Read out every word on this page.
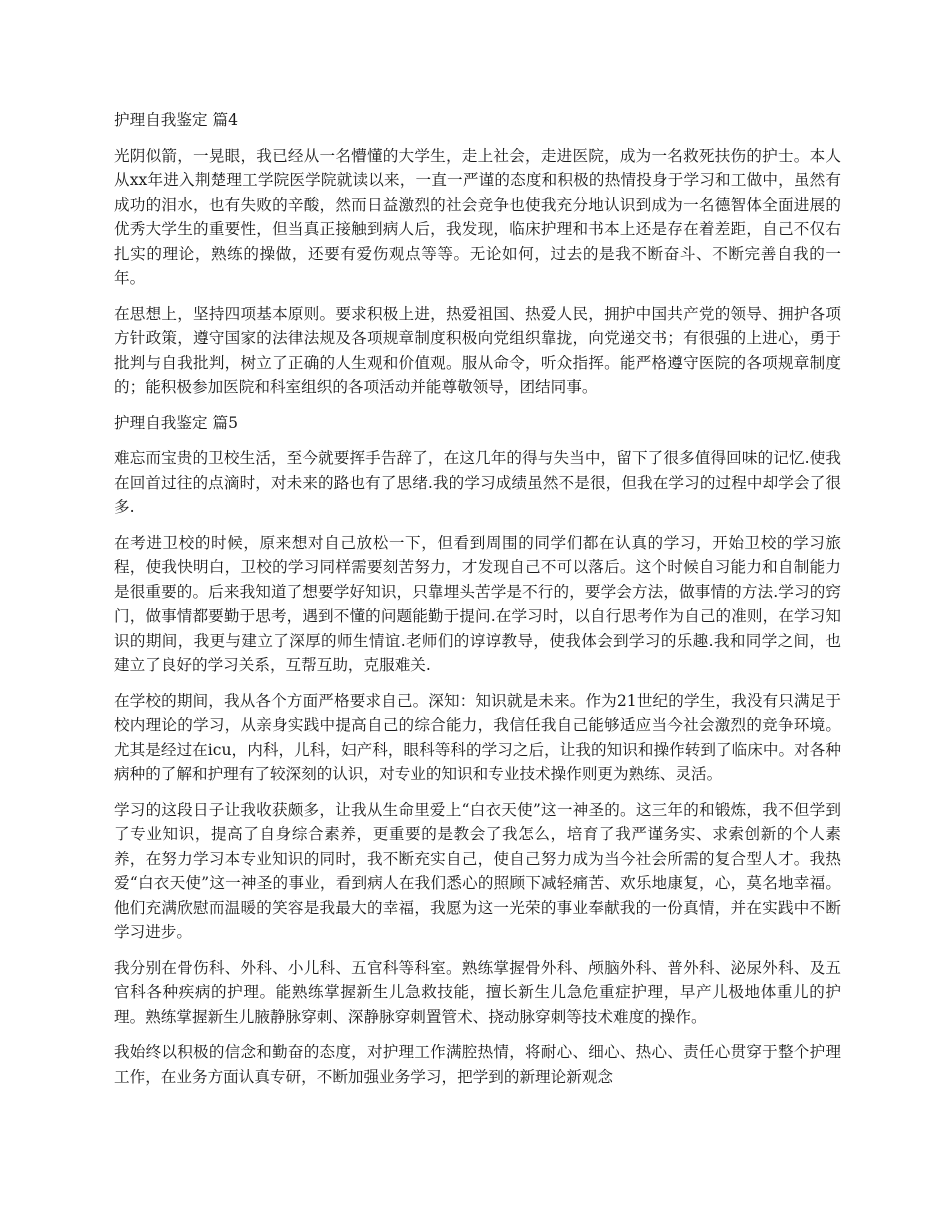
护理自我鉴定 篇4

光阴似箭，一晃眼，我已经从一名懵懂的大学生，走上社会，走进医院，成为一名救死扶伤的护士。本人从xx年进入荆楚理工学院医学院就读以来，一直一严谨的态度和积极的热情投身于学习和工做中，虽然有成功的泪水，也有失败的辛酸，然而日益激烈的社会竞争也使我充分地认识到成为一名德智体全面进展的优秀大学生的重要性，但当真正接触到病人后，我发现，临床护理和书本上还是存在着差距，自己不仅右扎实的理论，熟练的操做，还要有爱伤观点等等。无论如何，过去的是我不断奋斗、不断完善自我的一年。

在思想上，坚持四项基本原则。要求积极上进，热爱祖国、热爱人民，拥护中国共产党的领导、拥护各项方针政策，遵守国家的法律法规及各项规章制度积极向党组织靠拢，向党递交书；有很强的上进心，勇于批判与自我批判，树立了正确的人生观和价值观。服从命令，听众指挥。能严格遵守医院的各项规章制度的；能积极参加医院和科室组织的各项活动并能尊敬领导，团结同事。

护理自我鉴定 篇5

难忘而宝贵的卫校生活，至今就要挥手告辞了，在这几年的得与失当中，留下了很多值得回味的记忆.使我在回首过往的点滴时，对未来的路也有了思绪.我的学习成绩虽然不是很，但我在学习的过程中却学会了很多.

在考进卫校的时候，原来想对自己放松一下，但看到周围的同学们都在认真的学习，开始卫校的学习旅程，使我快明白，卫校的学习同样需要刻苦努力，才发现自己不可以落后。这个时候自习能力和自制能力是很重要的。后来我知道了想要学好知识，只靠埋头苦学是不行的，要学会方法，做事情的方法.学习的窍门，做事情都要勤于思考，遇到不懂的问题能勤于提问.在学习时，以自行思考作为自己的准则，在学习知识的期间，我更与建立了深厚的师生情谊.老师们的谆谆教导，使我体会到学习的乐趣.我和同学之间，也建立了良好的学习关系，互帮互助，克服难关.

在学校的期间，我从各个方面严格要求自己。深知：知识就是未来。作为21世纪的学生，我没有只满足于校内理论的学习，从亲身实践中提高自己的综合能力，我信任我自己能够适应当今社会激烈的竞争环境。尤其是经过在icu，内科，儿科，妇产科，眼科等科的学习之后，让我的知识和操作转到了临床中。对各种病种的了解和护理有了较深刻的认识，对专业的知识和专业技术操作则更为熟练、灵活。

学习的这段日子让我收获颇多，让我从生命里爱上“白衣天使”这一神圣的。这三年的和锻炼，我不但学到了专业知识，提高了自身综合素养，更重要的是教会了我怎么，培育了我严谨务实、求索创新的个人素养，在努力学习本专业知识的同时，我不断充实自己，使自己努力成为当今社会所需的复合型人才。我热爱“白衣天使”这一神圣的事业，看到病人在我们悉心的照顾下减轻痛苦、欢乐地康复，心，莫名地幸福。他们充满欣慰而温暖的笑容是我最大的幸福，我愿为这一光荣的事业奉献我的一份真情，并在实践中不断学习进步。

我分别在骨伤科、外科、小儿科、五官科等科室。熟练掌握骨外科、颅脑外科、普外科、泌尿外科、及五官科各种疾病的护理。能熟练掌握新生儿急救技能，擅长新生儿急危重症护理，早产儿极地体重儿的护理。熟练掌握新生儿腋静脉穿刺、深静脉穿刺置管术、挠动脉穿刺等技术难度的操作。

我始终以积极的信念和勤奋的态度，对护理工作满腔热情，将耐心、细心、热心、责任心贯穿于整个护理工作，在业务方面认真专研，不断加强业务学习，把学到的新理论新观念
